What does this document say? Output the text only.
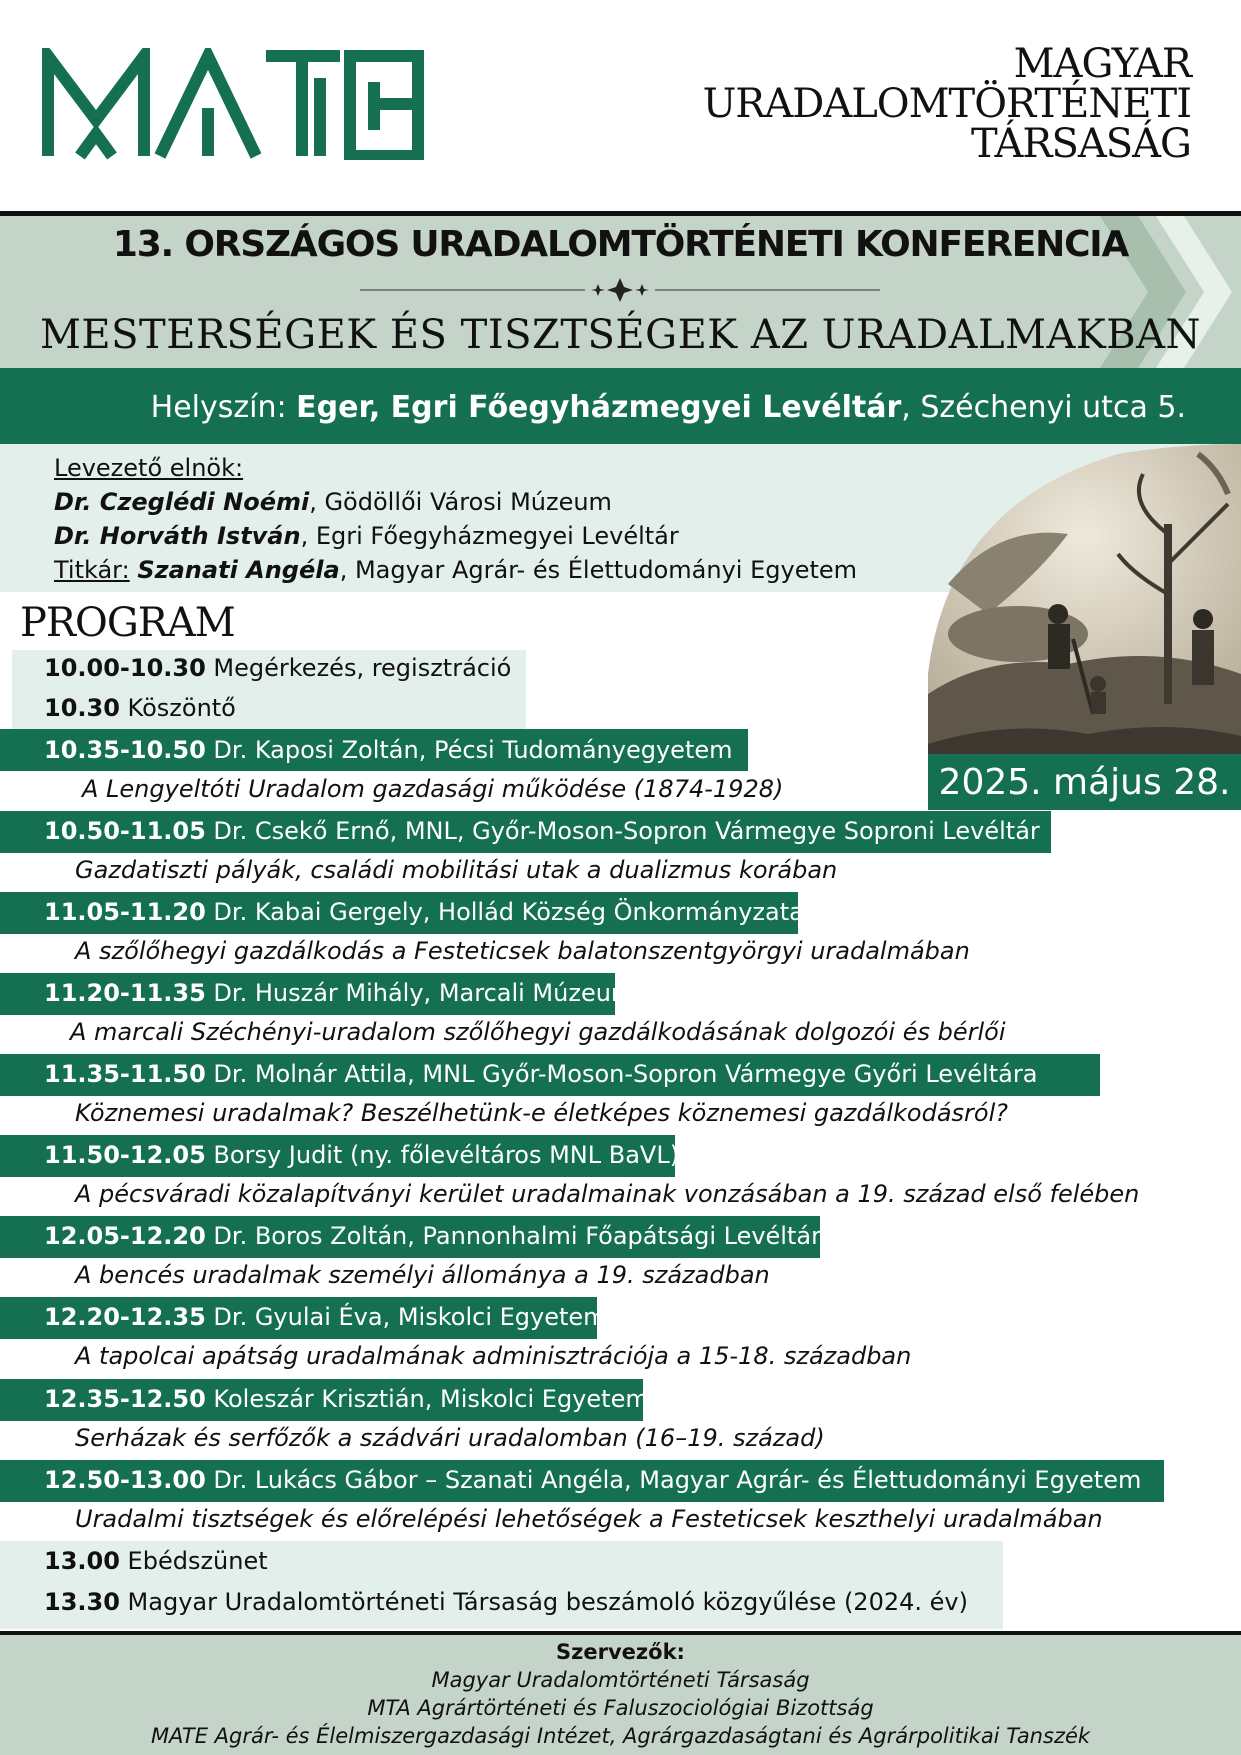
MAGYAR
URADALOMTÖRTÉNETI
TÁRSASÁG
13. ORSZÁGOS URADALOMTÖRTÉNETI KONFERENCIA
MESTERSÉGEK ÉS TISZTSÉGEK AZ URADALMAKBAN
Helyszín: Eger, Egri Főegyházmegyei Levéltár, Széchenyi utca 5.
Levezető elnök:
Dr. Czeglédi Noémi, Gödöllői Városi Múzeum
Dr. Horváth István, Egri Főegyházmegyei Levéltár
Titkár: Szanati Angéla, Magyar Agrár- és Élettudományi Egyetem
2025. május 28.
PROGRAM
10.00-10.30 Megérkezés, regisztráció
10.30 Köszöntő
10.35-10.50 Dr. Kaposi Zoltán, Pécsi Tudományegyetem
A Lengyeltóti Uradalom gazdasági működése (1874-1928)
10.50-11.05 Dr. Csekő Ernő, MNL, Győr-Moson-Sopron Vármegye Soproni Levéltár
Gazdatiszti pályák, családi mobilitási utak a dualizmus korában
11.05-11.20 Dr. Kabai Gergely, Hollád Község Önkormányzata
A szőlőhegyi gazdálkodás a Festeticsek balatonszentgyörgyi uradalmában
11.20-11.35 Dr. Huszár Mihály, Marcali Múzeum
A marcali Széchényi-uradalom szőlőhegyi gazdálkodásának dolgozói és bérlői
11.35-11.50 Dr. Molnár Attila, MNL Győr-Moson-Sopron Vármegye Győri Levéltára
Köznemesi uradalmak? Beszélhetünk-e életképes köznemesi gazdálkodásról?
11.50-12.05 Borsy Judit (ny. főlevéltáros MNL BaVL)
A pécsváradi közalapítványi kerület uradalmainak vonzásában a 19. század első felében
12.05-12.20 Dr. Boros Zoltán, Pannonhalmi Főapátsági Levéltár
A bencés uradalmak személyi állománya a 19. században
12.20-12.35 Dr. Gyulai Éva, Miskolci Egyetem
A tapolcai apátság uradalmának adminisztrációja a 15-18. században
12.35-12.50 Koleszár Krisztián, Miskolci Egyetem
Serházak és serfőzők a szádvári uradalomban (16–19. század)
12.50-13.00 Dr. Lukács Gábor – Szanati Angéla, Magyar Agrár- és Élettudományi Egyetem
Uradalmi tisztségek és előrelépési lehetőségek a Festeticsek keszthelyi uradalmában
13.00 Ebédszünet
13.30 Magyar Uradalomtörténeti Társaság beszámoló közgyűlése (2024. év)
Szervezők:
Magyar Uradalomtörténeti Társaság
MTA Agrártörténeti és Faluszociológiai Bizottság
MATE Agrár- és Élelmiszergazdasági Intézet, Agrárgazdaságtani és Agrárpolitikai Tanszék
